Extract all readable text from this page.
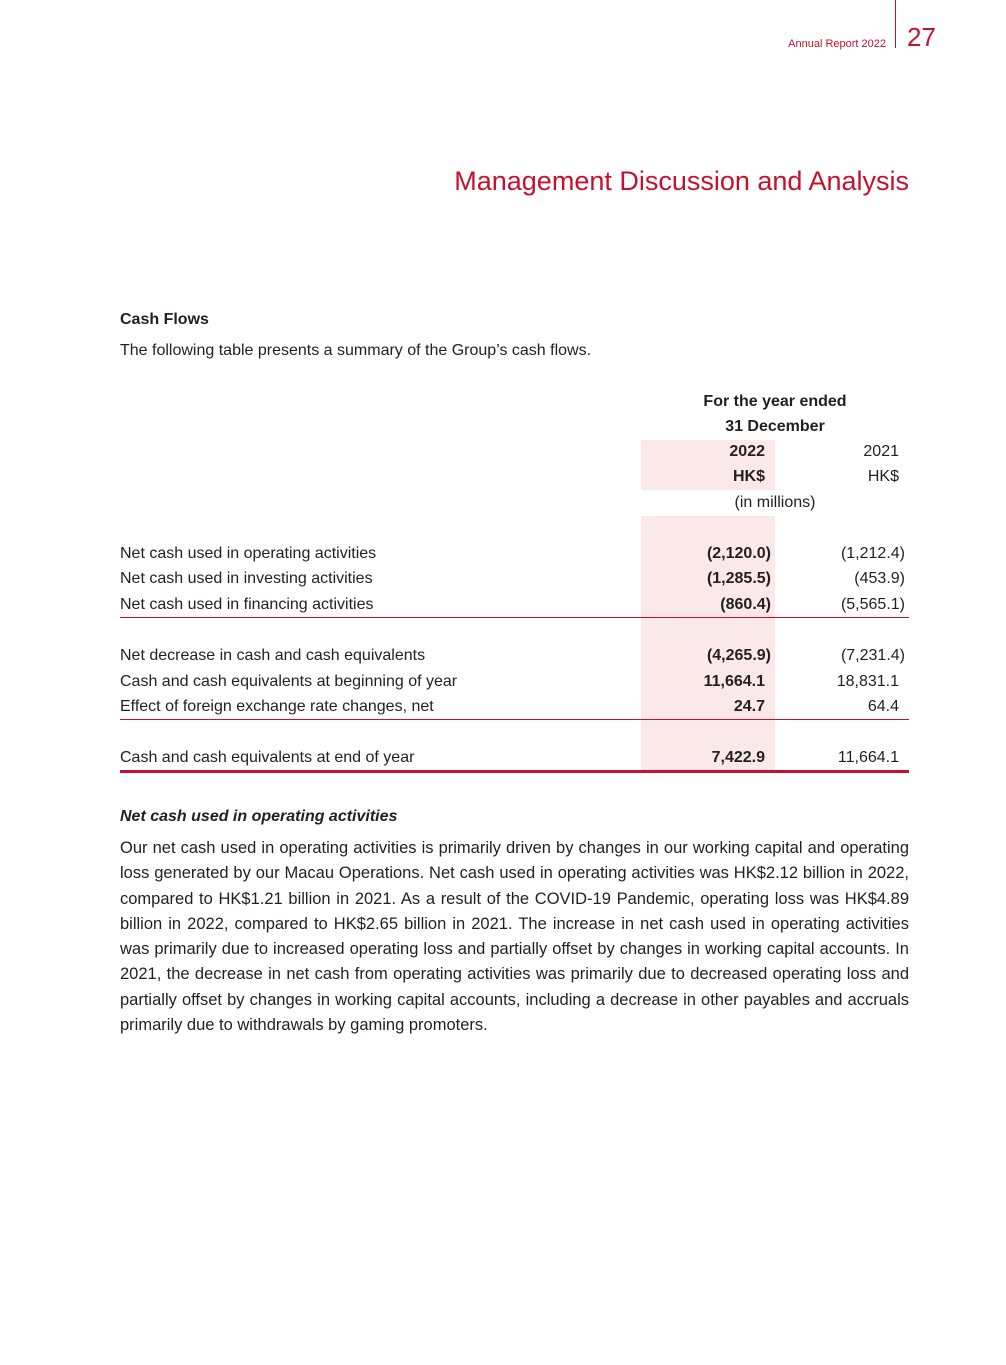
Annual Report 2022 27
Management Discussion and Analysis
Cash Flows
The following table presents a summary of the Group’s cash flows.
For the year ended
31 December
2022	2021
HK$	HK$
(in millions)
Net cash used in operating activities	(2,120.0)	(1,212.4)
Net cash used in investing activities	(1,285.5)	(453.9)
Net cash used in financing activities	(860.4)	(5,565.1)
Net decrease in cash and cash equivalents	(4,265.9)	(7,231.4)
Cash and cash equivalents at beginning of year	11,664.1	18,831.1
Effect of foreign exchange rate changes, net	24.7	64.4
Cash and cash equivalents at end of year	7,422.9	11,664.1
Net cash used in operating activities
Our net cash used in operating activities is primarily driven by changes in our working capital and operating loss generated by our Macau Operations. Net cash used in operating activities was HK$2.12 billion in 2022, compared to HK$1.21 billion in 2021. As a result of the COVID-19 Pandemic, operating loss was HK$4.89 billion in 2022, compared to HK$2.65 billion in 2021. The increase in net cash used in operating activities was primarily due to increased operating loss and partially offset by changes in working capital accounts. In 2021, the decrease in net cash from operating activities was primarily due to decreased operating loss and partially offset by changes in working capital accounts, including a decrease in other payables and accruals primarily due to withdrawals by gaming promoters.
